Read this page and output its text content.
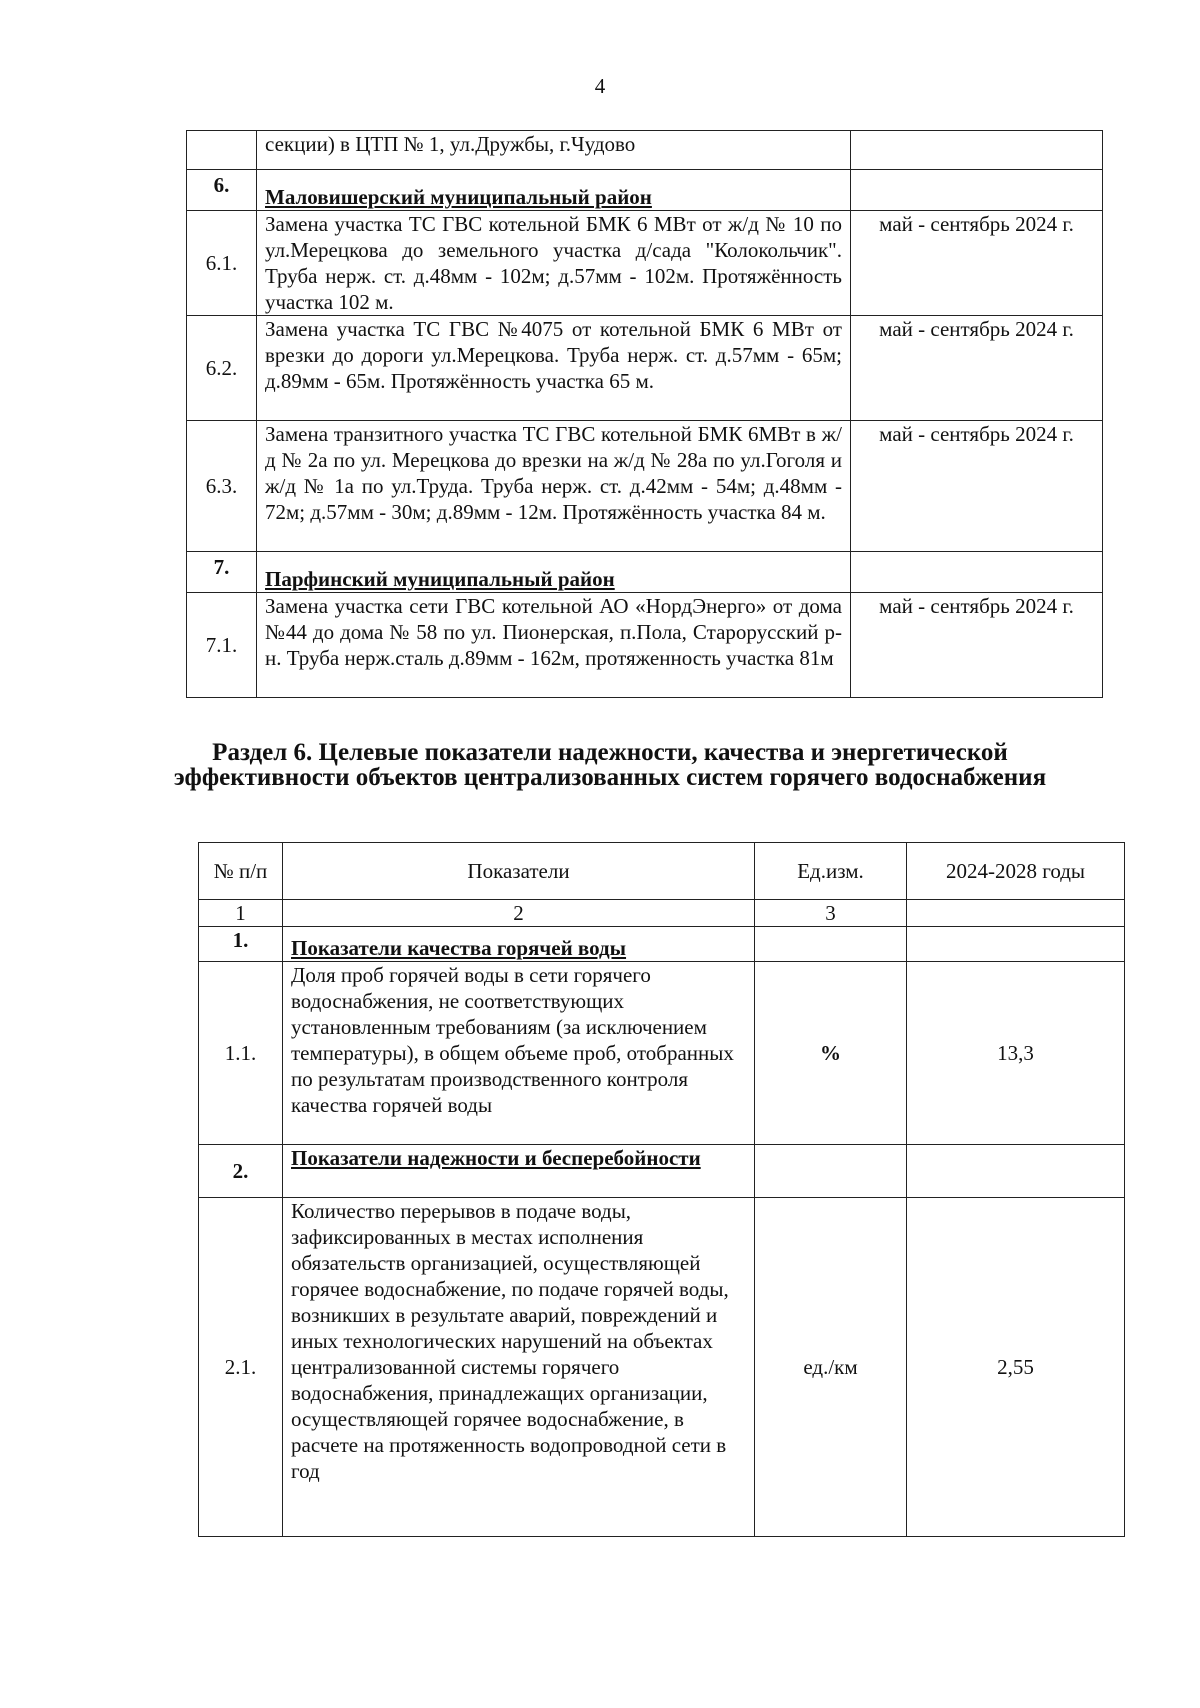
4
	секции) в ЦТП № 1, ул.Дружбы, г.Чудово	
6.	Маловишерский муниципальный район	
6.1.	Замена участка ТС ГВС котельной БМК 6 МВт от ж/д № 10 по ул.Мерецкова до земельного участка д/сада "Колокольчик". Труба нерж. ст. д.48мм - 102м; д.57мм - 102м. Протяжённость участка 102 м.	май - сентябрь 2024 г.
6.2.	Замена участка ТС ГВС №4075 от котельной БМК 6 МВт от врезки до дороги ул.Мерецкова. Труба нерж. ст. д.57мм - 65м; д.89мм - 65м. Протяжённость участка 65 м.	май - сентябрь 2024 г.
6.3.	Замена транзитного участка ТС ГВС котельной БМК 6МВт в ж/д № 2а по ул. Мерецкова до врезки на ж/д № 28а по ул.Гоголя и ж/д № 1а по ул.Труда. Труба нерж. ст. д.42мм - 54м; д.48мм - 72м; д.57мм - 30м; д.89мм - 12м. Протяжённость участка 84 м.	май - сентябрь 2024 г.
7.	Парфинский муниципальный район	
7.1.	Замена участка сети ГВС котельной АО «НордЭнерго» от дома №44 до дома № 58 по ул. Пионерская, п.Пола, Старорусский р-н. Труба нерж.сталь д.89мм - 162м, протяженность участка 81м	май - сентябрь 2024 г.
Раздел 6. Целевые показатели надежности, качества и энергетической эффективности объектов централизованных систем горячего водоснабжения
№ п/п	Показатели	Ед.изм.	2024-2028 годы
1	2	3	
1.	Показатели качества горячей воды		
1.1.	Доля проб горячей воды в сети горячего водоснабжения, не соответствующих установленным требованиям (за исключением температуры), в общем объеме проб, отобранных по результатам производственного контроля качества горячей воды	%	13,3
2.	Показатели надежности и бесперебойности		
2.1.	Количество перерывов в подаче воды, зафиксированных в местах исполнения обязательств организацией, осуществляющей горячее водоснабжение, по подаче горячей воды, возникших в результате аварий, повреждений и иных технологических нарушений на объектах централизованной системы горячего водоснабжения, принадлежащих организации, осуществляющей горячее водоснабжение, в расчете на протяженность водопроводной сети в год	ед./км	2,55
